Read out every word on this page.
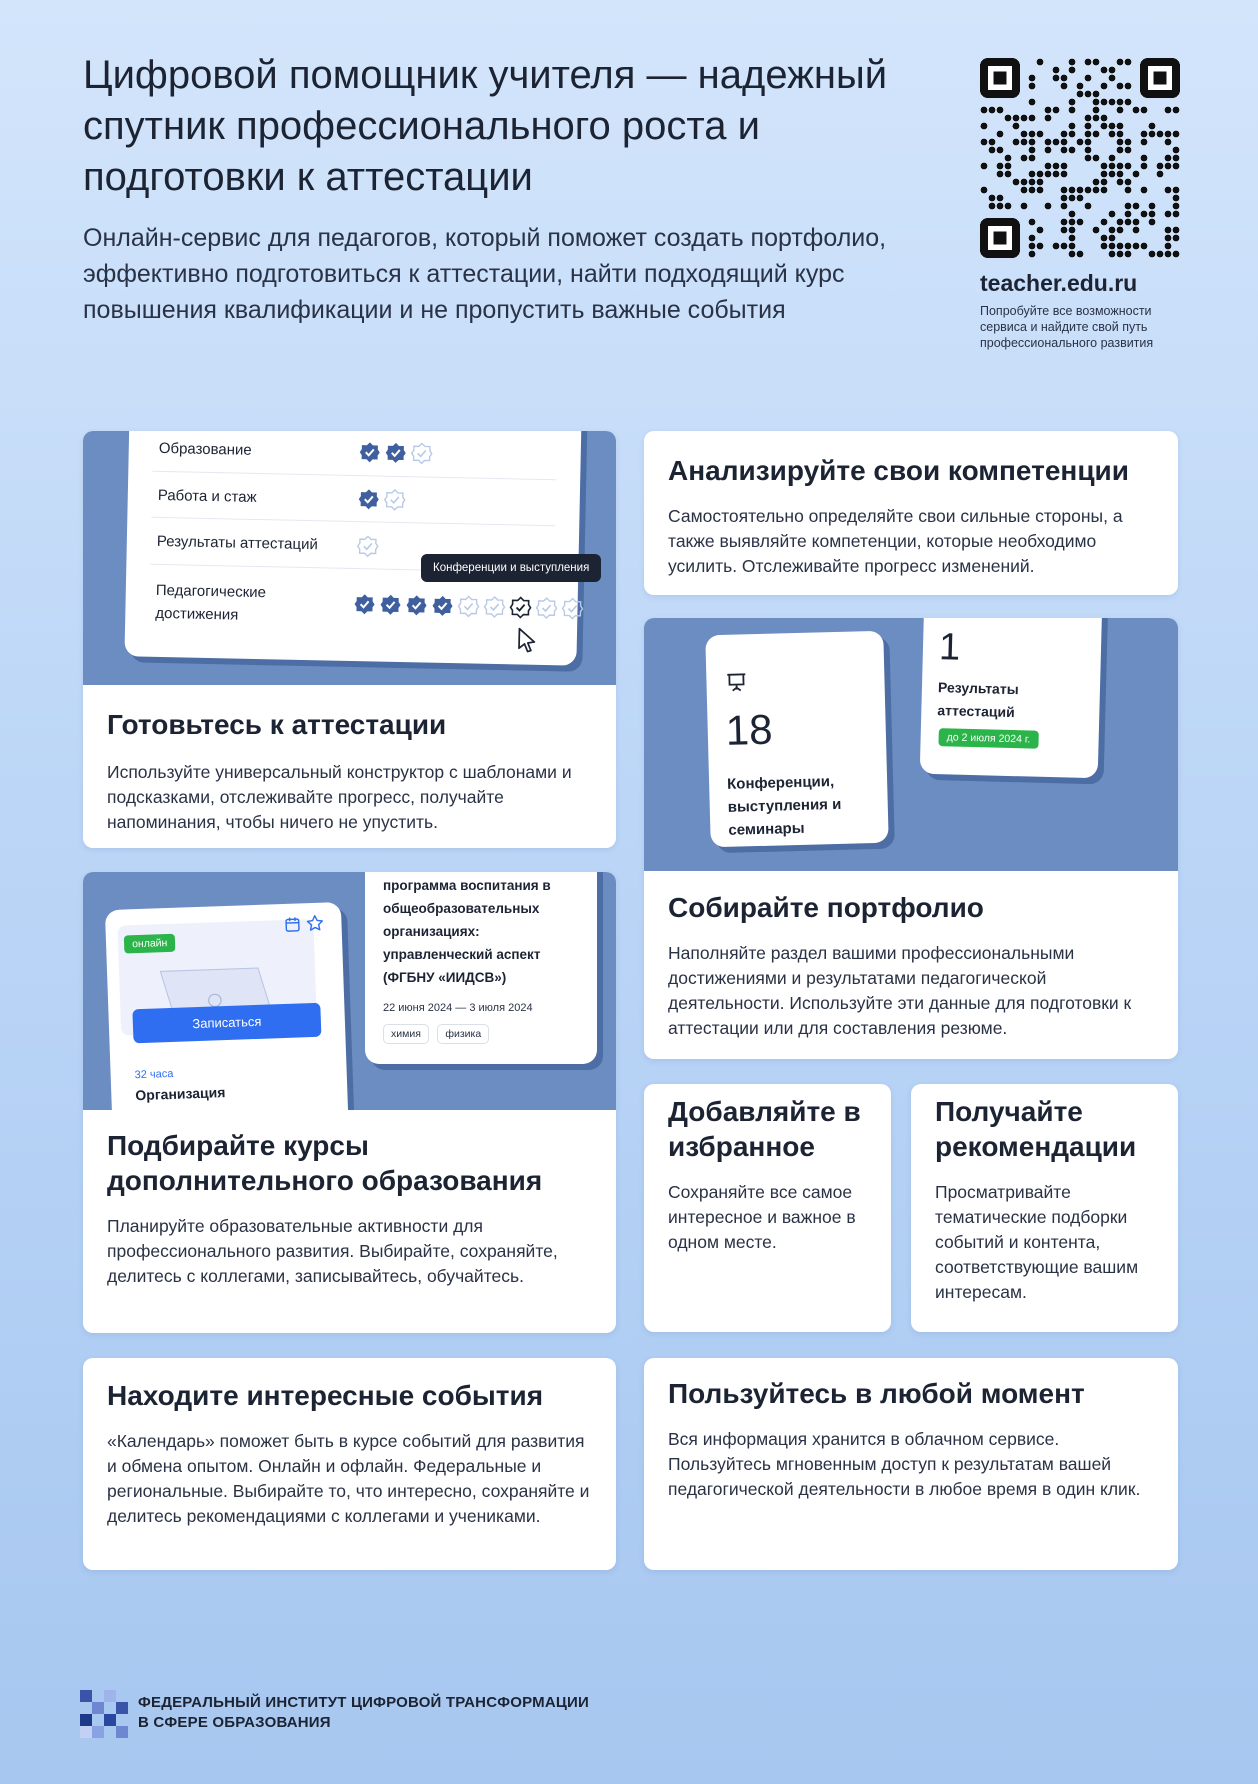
Цифровой помощник учителя — надежный спутник профессионального роста и подготовки к аттестации

Онлайн-сервис для педагогов, который поможет создать портфолио, эффективно подготовиться к аттестации, найти подходящий курс повышения квалификации и не пропустить важные события

teacher.edu.ru
Попробуйте все возможности сервиса и найдите свой путь профессионального развития
Образование
Работа и стаж
Результаты аттестаций
Педагогические достижения
Конференции и выступления
Готовьтесь к аттестации

Используйте универсальный конструктор с шаблонами и подсказками, отслеживайте прогресс, получайте напоминания, чтобы ничего не упустить.

Анализируйте свои компетенции

Самостоятельно определяйте свои сильные стороны, а также выявляйте компетенции, которые необходимо усилить. Отслеживайте прогресс изменений.

18
Конференции, выступления и семинары
1
Результаты аттестаций
до 2 июля 2024 г.
Собирайте портфолио

Наполняйте раздел вашими профессиональными достижениями и результатами педагогической деятельности. Используйте эти данные для подготовки к аттестации или для составления резюме.

онлайн
Записаться
32 часа
Организация
программа воспитания в общеобразовательных организациях: управленческий аспект (ФГБНУ «ИИДСВ»)
22 июня 2024 — 3 июля 2024
химия физика
Подбирайте курсы дополнительного образования

Планируйте образовательные активности для профессионального развития. Выбирайте, сохраняйте, делитесь с коллегами, записывайтесь, обучайтесь.

Добавляйте в избранное

Сохраняйте все самое интересное и важное в одном месте.

Получайте рекомендации

Просматривайте тематические подборки событий и контента, соответствующие вашим интересам.

Находите интересные события

«Календарь» поможет быть в курсе событий для развития и обмена опытом. Онлайн и офлайн. Федеральные и региональные. Выбирайте то, что интересно, сохраняйте и делитесь рекомендациями с коллегами и учениками.

Пользуйтесь в любой момент

Вся информация хранится в облачном сервисе. Пользуйтесь мгновенным доступ к результатам вашей педагогической деятельности в любое время в один клик.

ФЕДЕРАЛЬНЫЙ ИНСТИТУТ ЦИФРОВОЙ ТРАНСФОРМАЦИИ
В СФЕРЕ ОБРАЗОВАНИЯ
